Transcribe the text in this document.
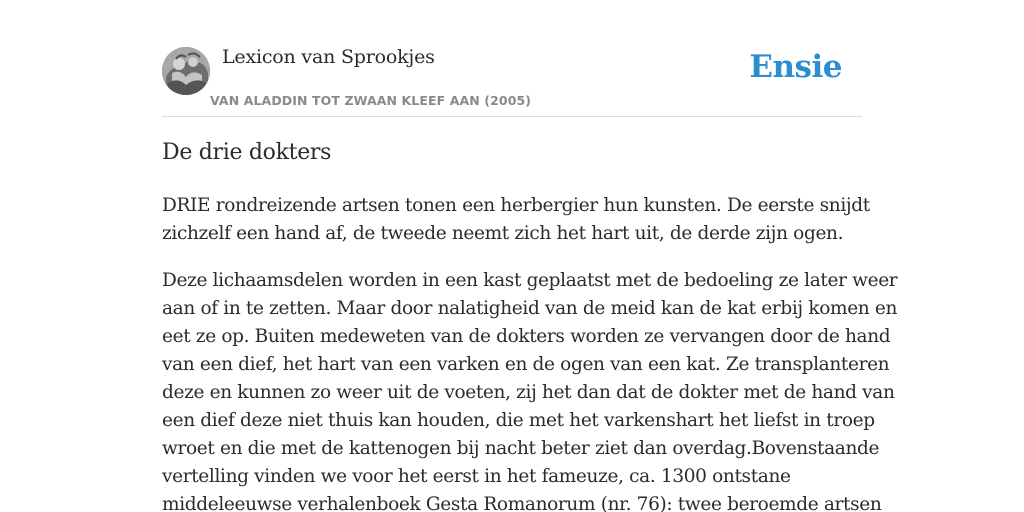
Lexicon van Sprookjes
VAN ALADDIN TOT ZWAAN KLEEF AAN (2005)
Ensie
De drie dokters

DRIE rondreizende artsen tonen een herbergier hun kunsten. De eerste snijdt
zichzelf een hand af, de tweede neemt zich het hart uit, de derde zijn ogen.

Deze lichaamsdelen worden in een kast geplaatst met de bedoeling ze later weer
aan of in te zetten. Maar door nalatigheid van de meid kan de kat erbij komen en
eet ze op. Buiten medeweten van de dokters worden ze vervangen door de hand
van een dief, het hart van een varken en de ogen van een kat. Ze transplanteren
deze en kunnen zo weer uit de voeten, zij het dan dat de dokter met de hand van
een dief deze niet thuis kan houden, die met het varkenshart het liefst in troep
wroet en die met de kattenogen bij nacht beter ziet dan overdag.Bovenstaande
vertelling vinden we voor het eerst in het fameuze, ca. 1300 ontstane
middeleeuwse verhalenboek Gesta Romanorum (nr. 76): twee beroemde artsen
